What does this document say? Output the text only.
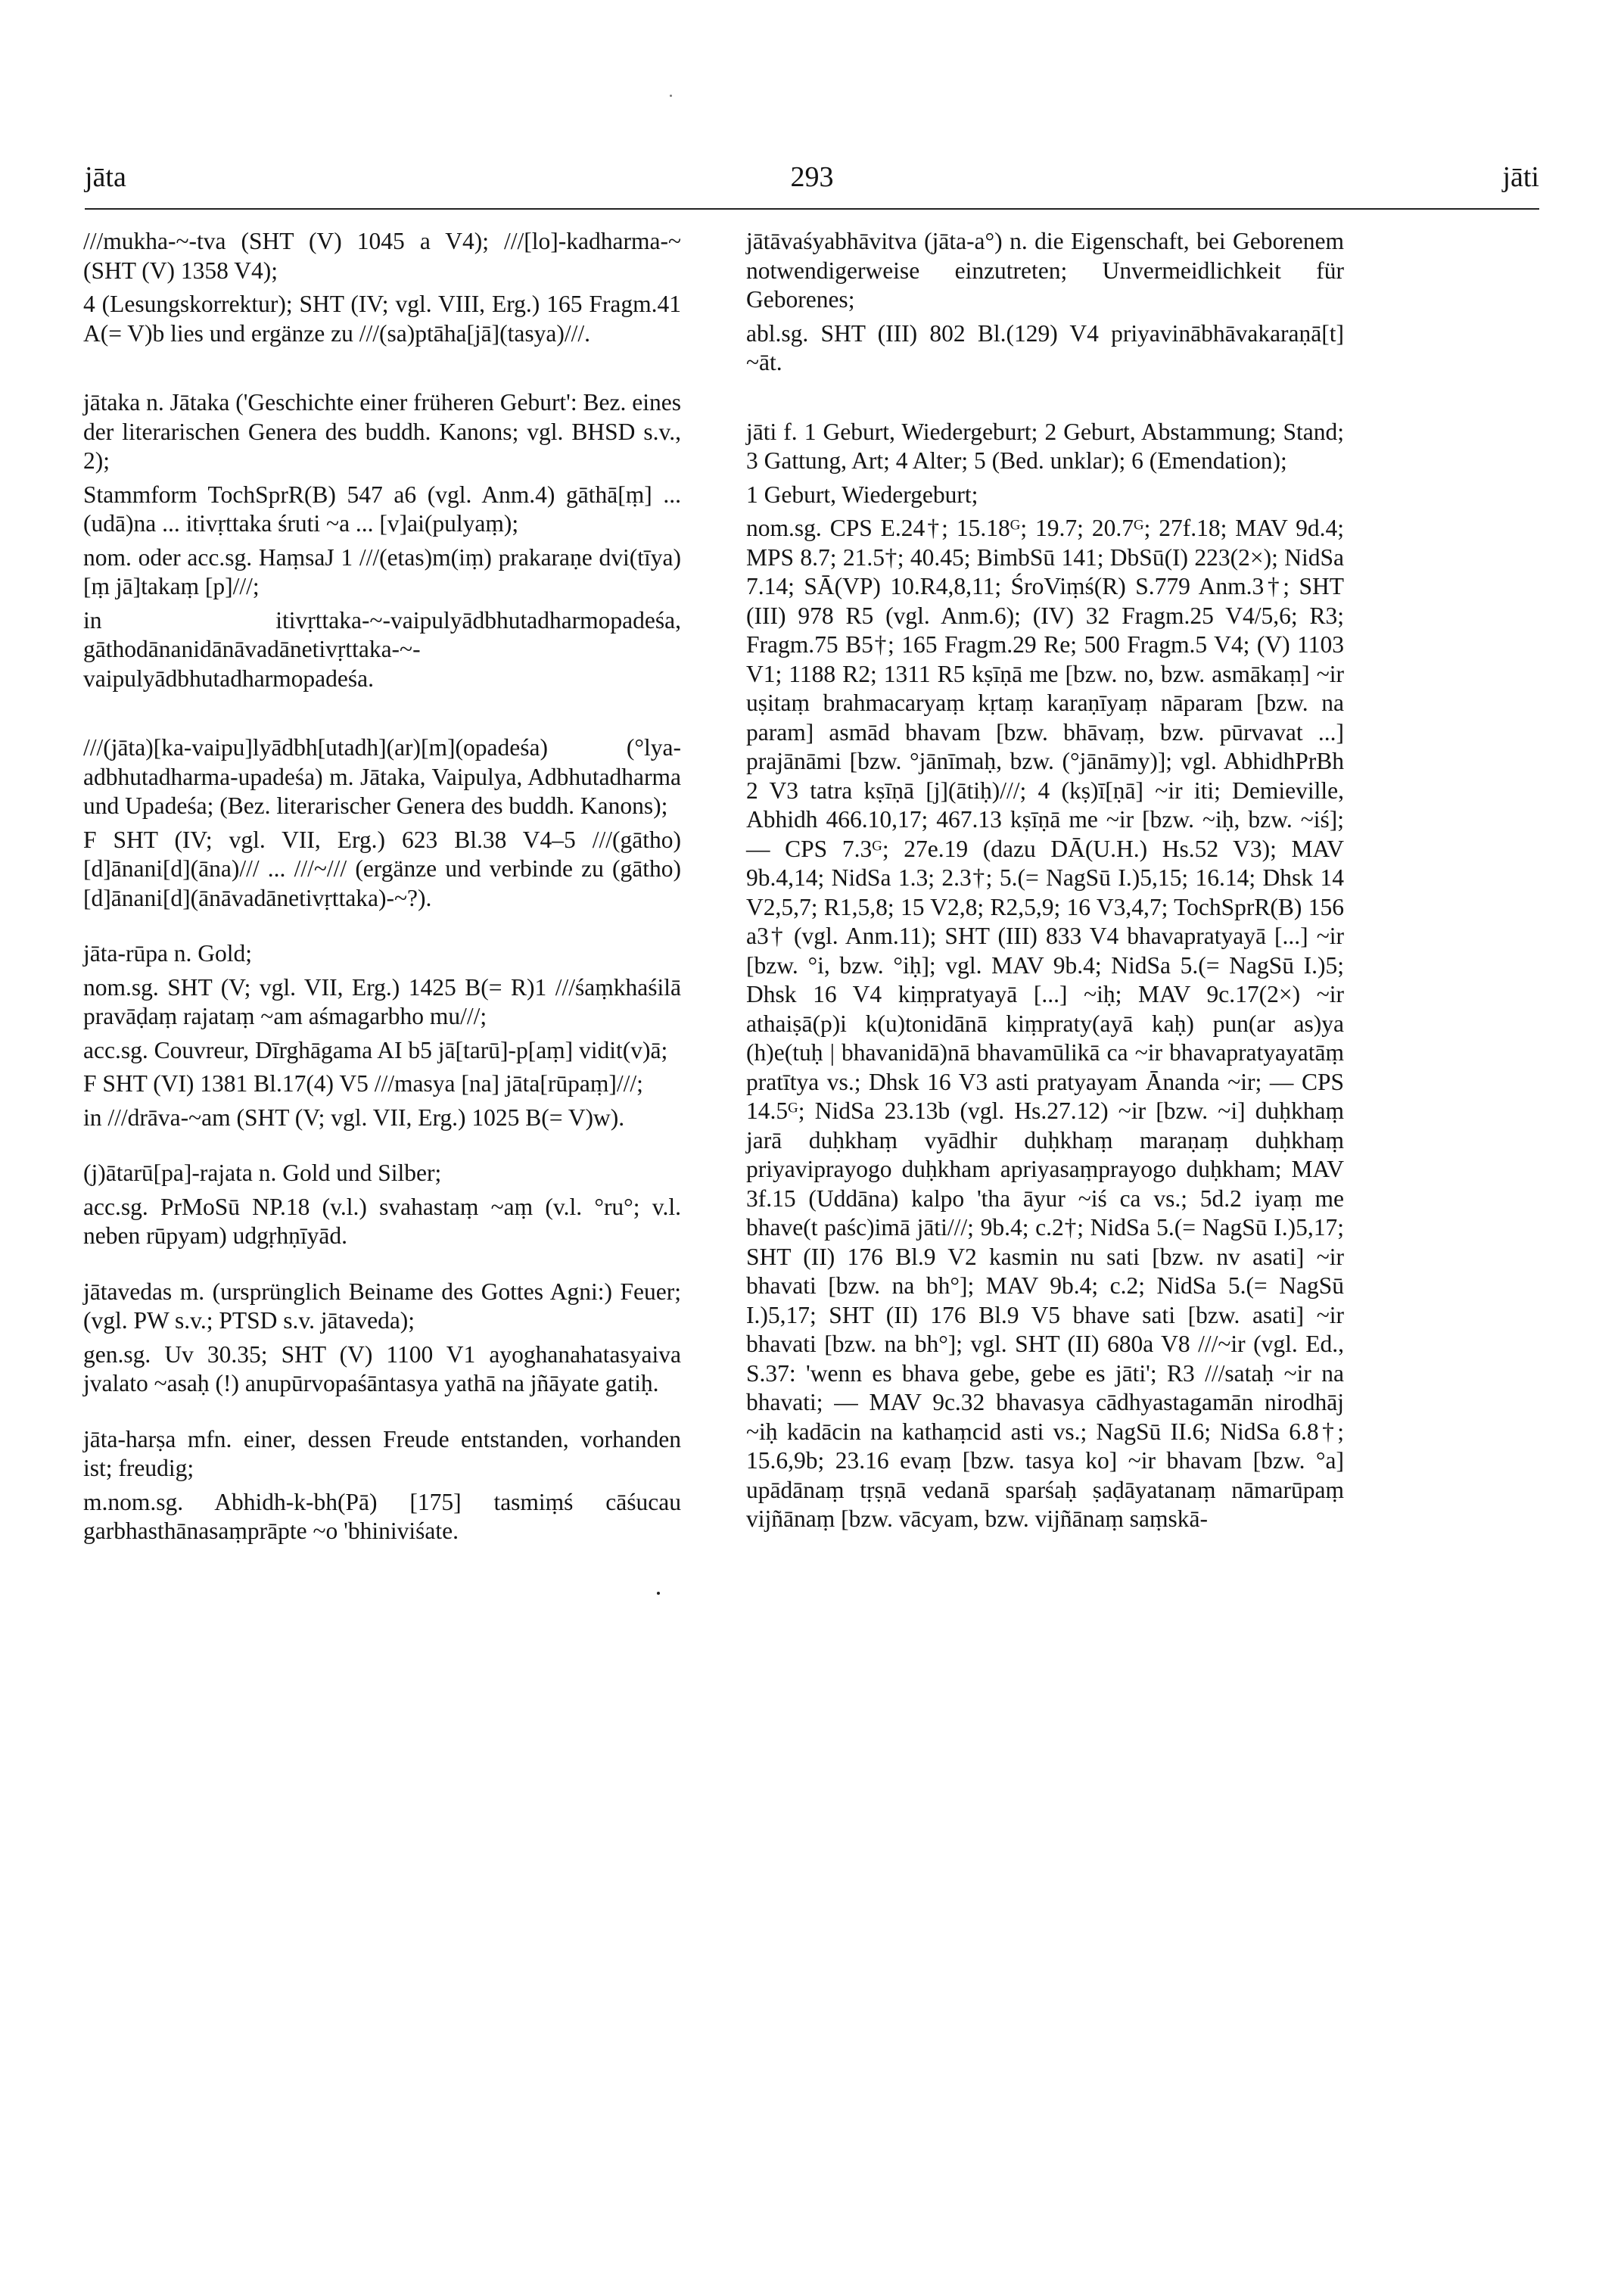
jāta	293	jāti

///mukha-~-tva (SHT (V) 1045 a V4); ///[lo]-kadharma-~ (SHT (V) 1358 V4);

4 (Lesungskorrektur); SHT (IV; vgl. VIII, Erg.) 165 Fragm.41 A(= V)b lies und ergänze zu ///(sa)ptāha[jā](tasya)///.

jātaka n. Jātaka ('Geschichte einer früheren Geburt': Bez. eines der literarischen Genera des buddh. Kanons; vgl. BHSD s.v., 2);

Stammform TochSprR(B) 547 a6 (vgl. Anm.4) gāthā[ṃ] ... (udā)na ... itivṛttaka śruti ~a ... [v]ai(pulyaṃ);

nom. oder acc.sg. HaṃsaJ 1 ///(etas)m(iṃ) prakaraṇe dvi(tīya)[ṃ jā]takaṃ [p]///;

in itivṛttaka-~-vaipulyādbhutadharmopadeśa, gāthodānanidānāvadānetivṛttaka-~-vaipulyādbhutadharmopadeśa.

///(jāta)[ka-vaipu]lyādbh[utadh](ar)[m](opadeśa) (°lya-adbhutadharma-upadeśa) m. Jātaka, Vaipulya, Adbhutadharma und Upadeśa; (Bez. literarischer Genera des buddh. Kanons);

F SHT (IV; vgl. VII, Erg.) 623 Bl.38 V4–5 ///(gātho)[d]ānani[d](āna)/// ... ///~/// (ergänze und verbinde zu (gātho)[d]ānani[d](ānāvadānetivṛttaka)-~?).

jāta-rūpa n. Gold;

nom.sg. SHT (V; vgl. VII, Erg.) 1425 B(= R)1 ///śaṃkhaśilā pravāḍaṃ rajataṃ ~am aśmagarbho mu///;

acc.sg. Couvreur, Dīrghāgama AI b5 jā[tarū]-p[aṃ] vidit(v)ā;

F SHT (VI) 1381 Bl.17(4) V5 ///masya [na] jāta[rūpaṃ]///;

in ///drāva-~am (SHT (V; vgl. VII, Erg.) 1025 B(= V)w).

(j)ātarū[pa]-rajata n. Gold und Silber;

acc.sg. PrMoSū NP.18 (v.l.) svahastaṃ ~aṃ (v.l. °ru°; v.l. neben rūpyam) udgṛhṇīyād.

jātavedas m. (ursprünglich Beiname des Gottes Agni:) Feuer; (vgl. PW s.v.; PTSD s.v. jātaveda);

gen.sg. Uv 30.35; SHT (V) 1100 V1 ayoghanahatasyaiva jvalato ~asaḥ (!) anupūrvopaśāntasya yathā na jñāyate gatiḥ.

jāta-harṣa mfn. einer, dessen Freude entstanden, vorhanden ist; freudig;

m.nom.sg. Abhidh-k-bh(Pā) [175] tasmiṃś cāśucau garbhasthānasaṃprāpte ~o 'bhiniviśate.

jātāvaśyabhāvitva (jāta-a°) n. die Eigenschaft, bei Geborenem notwendigerweise einzutreten; Unvermeidlichkeit für Geborenes;

abl.sg. SHT (III) 802 Bl.(129) V4 priyavinābhāvakaraṇā[t] ~āt.

jāti f. 1 Geburt, Wiedergeburt; 2 Geburt, Abstammung; Stand; 3 Gattung, Art; 4 Alter; 5 (Bed. unklar); 6 (Emendation);

1 Geburt, Wiedergeburt;

nom.sg. CPS E.24†; 15.18ᴳ; 19.7; 20.7ᴳ; 27f.18; MAV 9d.4; MPS 8.7; 21.5†; 40.45; BimbSū 141; DbSū(I) 223(2×); NidSa 7.14; SĀ(VP) 10.R4,8,11; ŚroViṃś(R) S.779 Anm.3†; SHT (III) 978 R5 (vgl. Anm.6); (IV) 32 Fragm.25 V4/5,6; R3; Fragm.75 B5†; 165 Fragm.29 Re; 500 Fragm.5 V4; (V) 1103 V1; 1188 R2; 1311 R5 kṣīṇā me [bzw. no, bzw. asmākaṃ] ~ir uṣitaṃ brahmacaryaṃ kṛtaṃ karaṇīyaṃ nāparam [bzw. na param] asmād bhavam [bzw. bhāvaṃ, bzw. pūrvavat ...] prajānāmi [bzw. °jānīmaḥ, bzw. (°jānāmy)]; vgl. AbhidhPrBh 2 V3 tatra kṣīṇā [j](ātiḥ)///; 4 (kṣ)ī[ṇā] ~ir iti; Demieville, Abhidh 466.10,17; 467.13 kṣīṇā me ~ir [bzw. ~iḥ, bzw. ~iś]; — CPS 7.3ᴳ; 27e.19 (dazu DĀ(U.H.) Hs.52 V3); MAV 9b.4,14; NidSa 1.3; 2.3†; 5.(= NagSū I.)5,15; 16.14; Dhsk 14 V2,5,7; R1,5,8; 15 V2,8; R2,5,9; 16 V3,4,7; TochSprR(B) 156 a3† (vgl. Anm.11); SHT (III) 833 V4 bhavapratyayā [...] ~ir [bzw. °i, bzw. °iḥ]; vgl. MAV 9b.4; NidSa 5.(= NagSū I.)5; Dhsk 16 V4 kiṃpratyayā [...] ~iḥ; MAV 9c.17(2×) ~ir athaiṣā(p)i k(u)tonidānā kiṃpraty(ayā kaḥ) pun(ar as)ya (h)e(tuḥ | bhavanidā)nā bhavamūlikā ca ~ir bhavapratyayatāṃ pratītya vs.; Dhsk 16 V3 asti pratyayam Ānanda ~ir; — CPS 14.5ᴳ; NidSa 23.13b (vgl. Hs.27.12) ~ir [bzw. ~i] duḥkhaṃ jarā duḥkhaṃ vyādhir duḥkhaṃ maraṇaṃ duḥkhaṃ priyaviprayogo duḥkham apriyasaṃprayogo duḥkham; MAV 3f.15 (Uddāna) kalpo 'tha āyur ~iś ca vs.; 5d.2 iyaṃ me bhave(t paśc)imā jāti///; 9b.4; c.2†; NidSa 5.(= NagSū I.)5,17; SHT (II) 176 Bl.9 V2 kasmin nu sati [bzw. nv asati] ~ir bhavati [bzw. na bh°]; MAV 9b.4; c.2; NidSa 5.(= NagSū I.)5,17; SHT (II) 176 Bl.9 V5 bhave sati [bzw. asati] ~ir bhavati [bzw. na bh°]; vgl. SHT (II) 680a V8 ///~ir (vgl. Ed., S.37: 'wenn es bhava gebe, gebe es jāti'; R3 ///sataḥ ~ir na bhavati; — MAV 9c.32 bhavasya cādhyastagamān nirodhāj ~iḥ kadācin na kathaṃcid asti vs.; NagSū II.6; NidSa 6.8†; 15.6,9b; 23.16 evaṃ [bzw. tasya ko] ~ir bhavam [bzw. °a] upādānaṃ tṛṣṇā vedanā sparśaḥ ṣaḍāyatanaṃ nāmarūpaṃ vijñānaṃ [bzw. vācyam, bzw. vijñānaṃ saṃskā-
